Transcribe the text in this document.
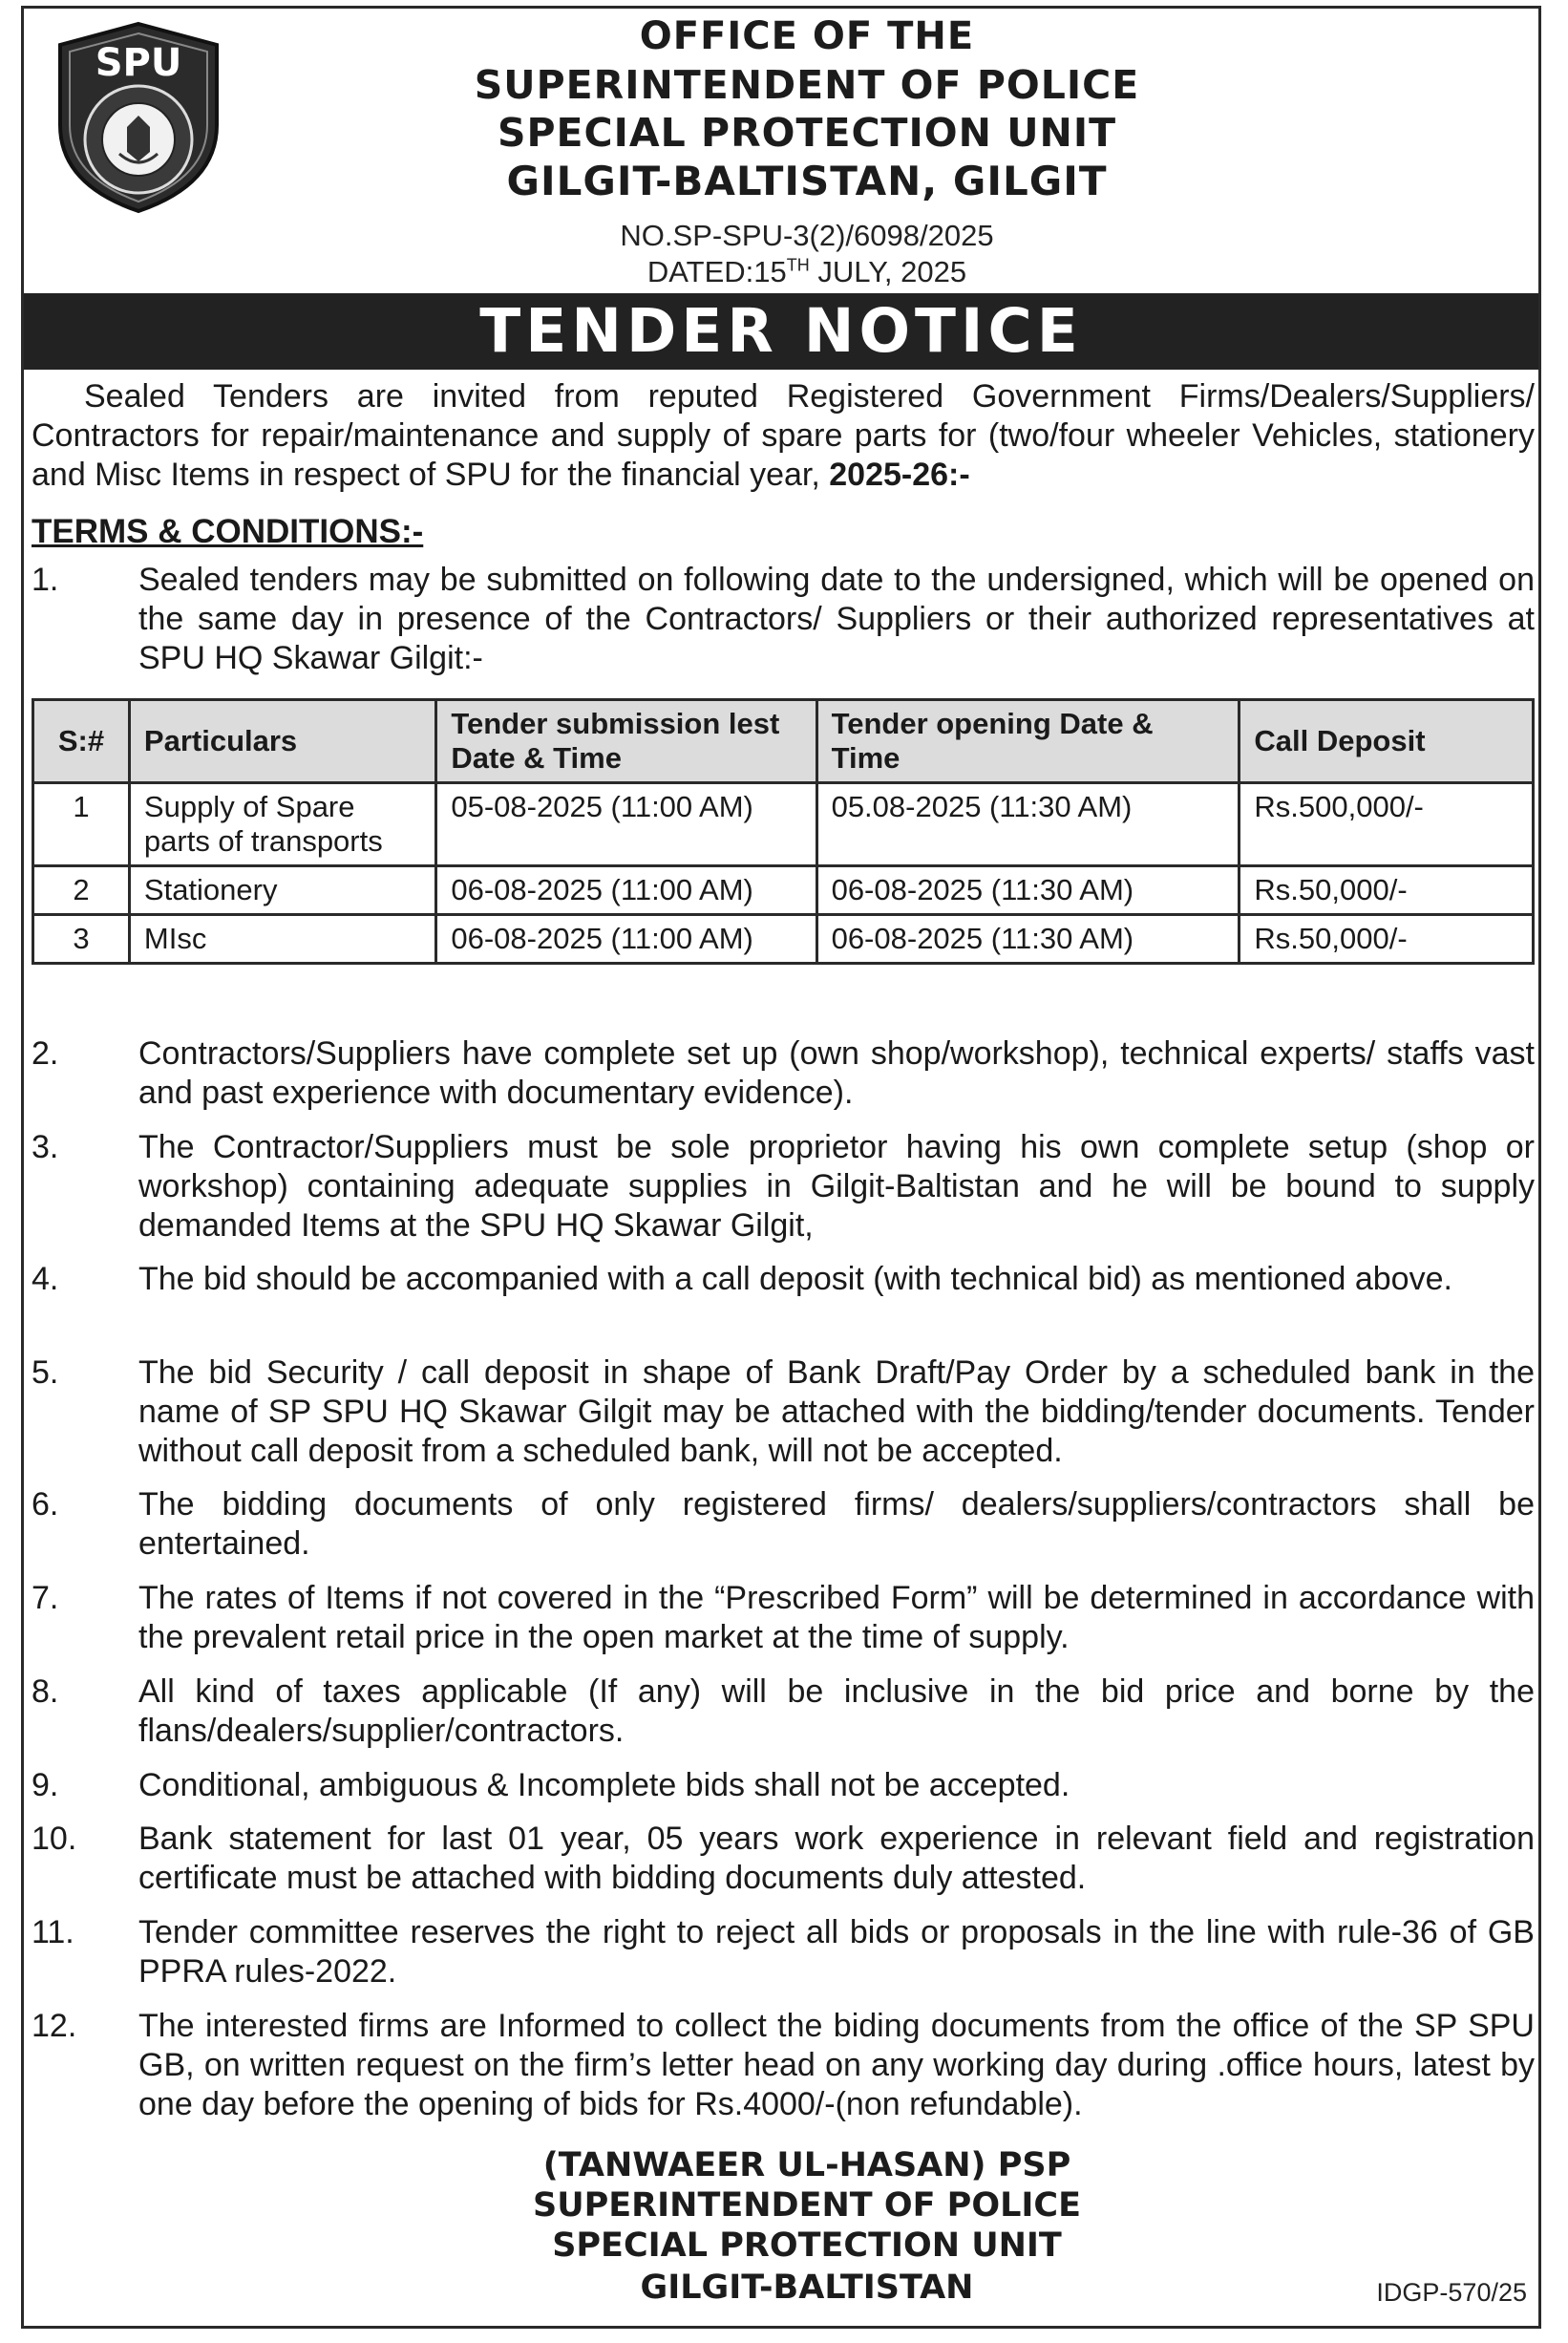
SPU
OFFICE OF THE
SUPERINTENDENT OF POLICE
SPECIAL PROTECTION UNIT
GILGIT-BALTISTAN, GILGIT
NO.SP-SPU-3(2)/6098/2025
DATED:15TH JULY, 2025
TENDER NOTICE
Sealed Tenders are invited from reputed Registered Government Firms/Dealers/Suppliers/ Contractors for repair/maintenance and supply of spare parts for (two/four wheeler Vehicles, stationery and Misc Items in respect of SPU for the financial year, 2025-26:-
TERMS & CONDITIONS:-
1.	Sealed tenders may be submitted on following date to the undersigned, which will be opened on the same day in presence of the Contractors/ Suppliers or their authorized representatives at SPU HQ Skawar Gilgit:-
S:#	Particulars	Tender submission lest Date & Time	Tender opening Date & Time	Call Deposit
1	Supply of Spare parts of transports	05-08-2025 (11:00 AM)	05.08-2025 (11:30 AM)	Rs.500,000/-
2	Stationery	06-08-2025 (11:00 AM)	06-08-2025 (11:30 AM)	Rs.50,000/-
3	MIsc	06-08-2025 (11:00 AM)	06-08-2025 (11:30 AM)	Rs.50,000/-
2.	Contractors/Suppliers have complete set up (own shop/workshop), technical experts/ staffs vast and past experience with documentary evidence).
3.	The Contractor/Suppliers must be sole proprietor having his own complete setup (shop or workshop) containing adequate supplies in Gilgit-Baltistan and he will be bound to supply demanded Items at the SPU HQ Skawar Gilgit,
4.	The bid should be accompanied with a call deposit (with technical bid) as mentioned above.
5.	The bid Security / call deposit in shape of Bank Draft/Pay Order by a scheduled bank in the name of SP SPU HQ Skawar Gilgit may be attached with the bidding/tender documents. Tender without call deposit from a scheduled bank, will not be accepted.
6.	The bidding documents of only registered firms/ dealers/suppliers/contractors shall be entertained.
7.	The rates of Items if not covered in the “Prescribed Form” will be determined in accordance with the prevalent retail price in the open market at the time of supply.
8.	All kind of taxes applicable (If any) will be inclusive in the bid price and borne by the flans/dealers/supplier/contractors.
9.	Conditional, ambiguous & Incomplete bids shall not be accepted.
10.	Bank statement for last 01 year, 05 years work experience in relevant field and registration certificate must be attached with bidding documents duly attested.
11.	Tender committee reserves the right to reject all bids or proposals in the line with rule-36 of GB PPRA rules-2022.
12.	The interested firms are Informed to collect the biding documents from the office of the SP SPU GB, on written request on the firm’s letter head on any working day during .office hours, latest by one day before the opening of bids for Rs.4000/-(non refundable).
(TANWAEER UL-HASAN) PSP
SUPERINTENDENT OF POLICE
SPECIAL PROTECTION UNIT
GILGIT-BALTISTAN	IDGP-570/25
